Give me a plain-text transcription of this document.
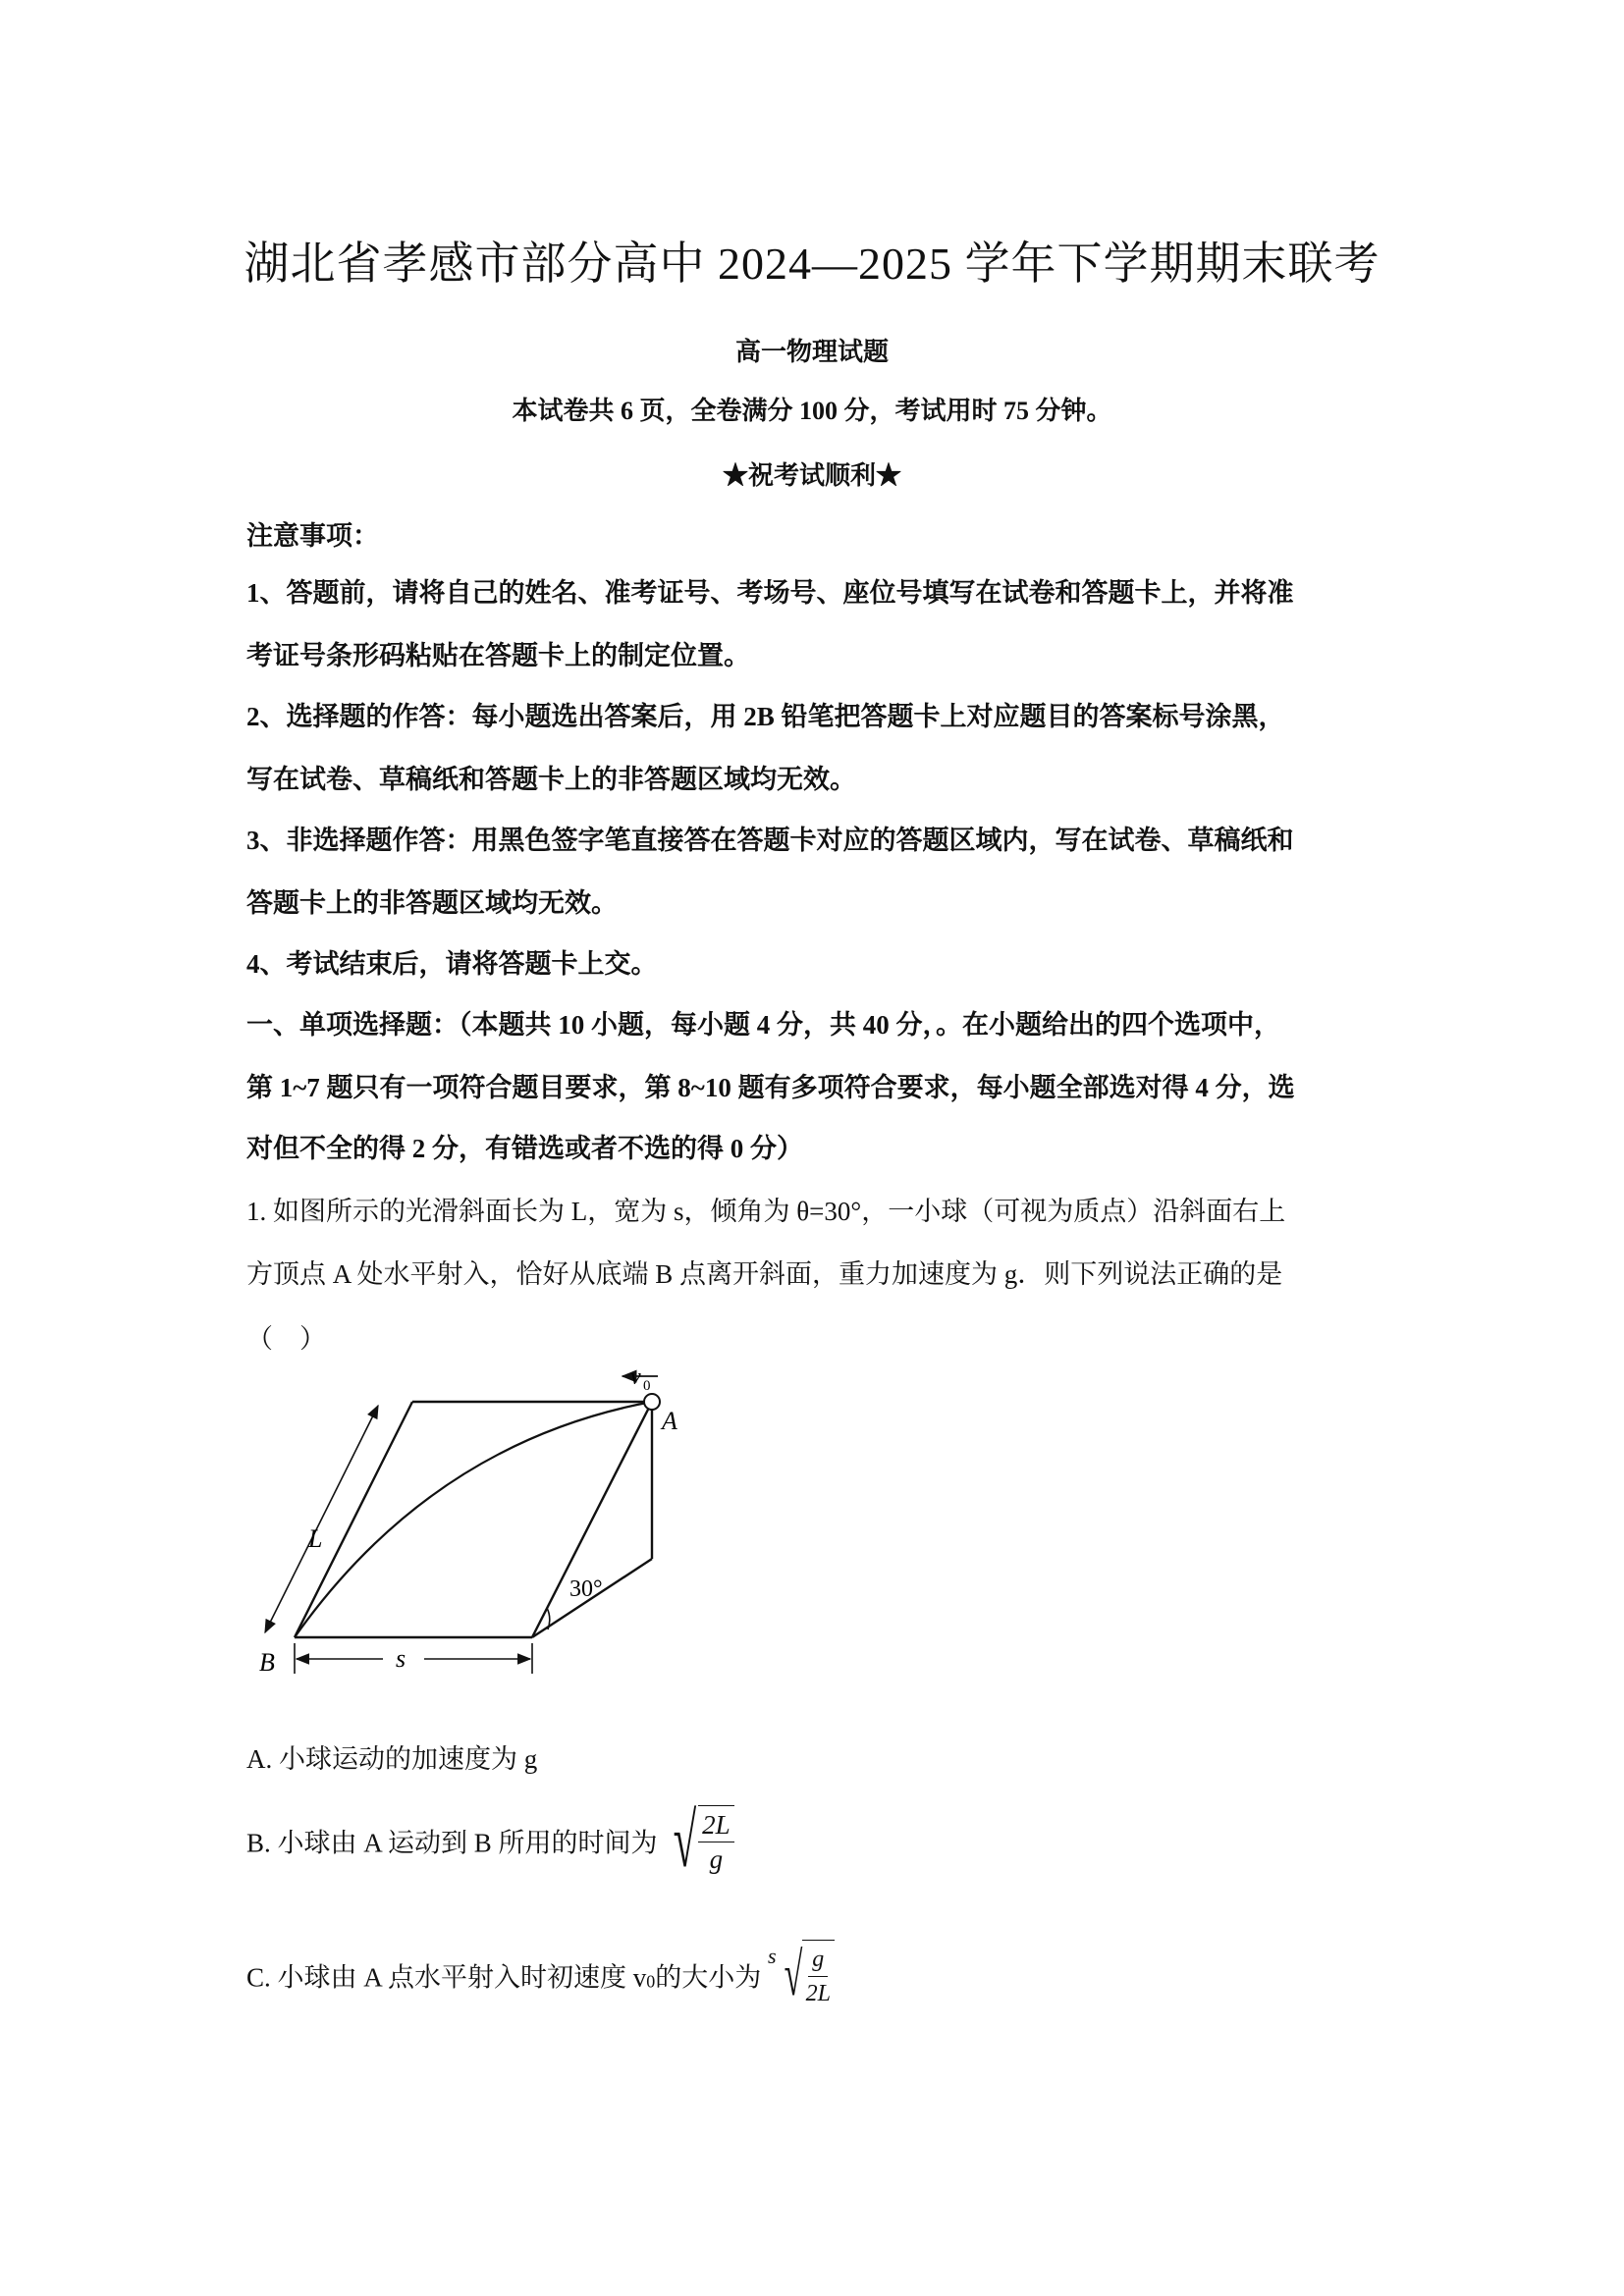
湖北省孝感市部分高中 2024—2025 学年下学期期末联考
高一物理试题
本试卷共 6 页，全卷满分 100 分，考试用时 75 分钟。
★祝考试顺利★
注意事项：
1、答题前，请将自己的姓名、准考证号、考场号、座位号填写在试卷和答题卡上，并将准
考证号条形码粘贴在答题卡上的制定位置。
2、选择题的作答：每小题选出答案后，用 2B 铅笔把答题卡上对应题目的答案标号涂黑，
写在试卷、草稿纸和答题卡上的非答题区域均无效。
3、非选择题作答：用黑色签字笔直接答在答题卡对应的答题区域内，写在试卷、草稿纸和
答题卡上的非答题区域均无效。
4、考试结束后，请将答题卡上交。
一、单项选择题：（本题共 10 小题，每小题 4 分，共 40 分，。在小题给出的四个选项中，
第 1~7 题只有一项符合题目要求，第 8~10 题有多项符合要求，每小题全部选对得 4 分，选
对但不全的得 2 分，有错选或者不选的得 0 分）
1. 如图所示的光滑斜面长为 L，宽为 s，倾角为 θ=30°，一小球（可视为质点）沿斜面右上
方顶点 A 处水平射入，恰好从底端 B 点离开斜面，重力加速度为 g．则下列说法正确的是
（　）
v 0
A
B
L
s
30°
A. 小球运动的加速度为 g
B. 小球由 A 运动到 B 所用的时间为 √ $\frac{2L}{g}$
C. 小球由 A 点水平射入时初速度 $v_0$的大小为
s √ $\frac{g}{2L}$
